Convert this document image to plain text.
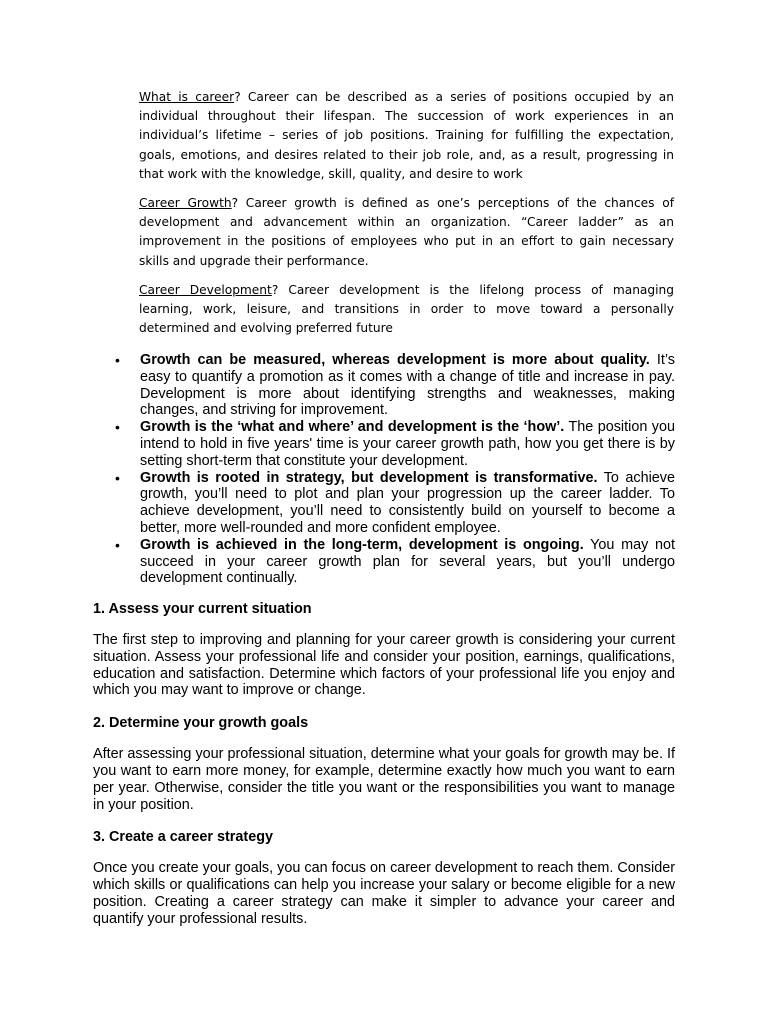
What is career? Career can be described as a series of positions occupied by an individual throughout their lifespan. The succession of work experiences in an individual’s lifetime – series of job positions. Training for fulfilling the expectation, goals, emotions, and desires related to their job role, and, as a result, progressing in that work with the knowledge, skill, quality, and desire to work

Career Growth? Career growth is defined as one’s perceptions of the chances of development and advancement within an organization. “Career ladder” as an improvement in the positions of employees who put in an effort to gain necessary skills and upgrade their performance.

Career Development? Career development is the lifelong process of managing learning, work, leisure, and transitions in order to move toward a personally determined and evolving preferred future

• Growth can be measured, whereas development is more about quality. It’s easy to quantify a promotion as it comes with a change of title and increase in pay. Development is more about identifying strengths and weaknesses, making changes, and striving for improvement.
• Growth is the ‘what and where’ and development is the ‘how’. The position you intend to hold in five years' time is your career growth path, how you get there is by setting short-term that constitute your development.
• Growth is rooted in strategy, but development is transformative. To achieve growth, you’ll need to plot and plan your progression up the career ladder. To achieve development, you’ll need to consistently build on yourself to become a better, more well-rounded and more confident employee.
• Growth is achieved in the long-term, development is ongoing. You may not succeed in your career growth plan for several years, but you’ll undergo development continually.
1. Assess your current situation

The first step to improving and planning for your career growth is considering your current situation. Assess your professional life and consider your position, earnings, qualifications, education and satisfaction. Determine which factors of your professional life you enjoy and which you may want to improve or change.

2. Determine your growth goals

After assessing your professional situation, determine what your goals for growth may be. If you want to earn more money, for example, determine exactly how much you want to earn per year. Otherwise, consider the title you want or the responsibilities you want to manage in your position.

3. Create a career strategy

Once you create your goals, you can focus on career development to reach them. Consider which skills or qualifications can help you increase your salary or become eligible for a new position. Creating a career strategy can make it simpler to advance your career and quantify your professional results.
